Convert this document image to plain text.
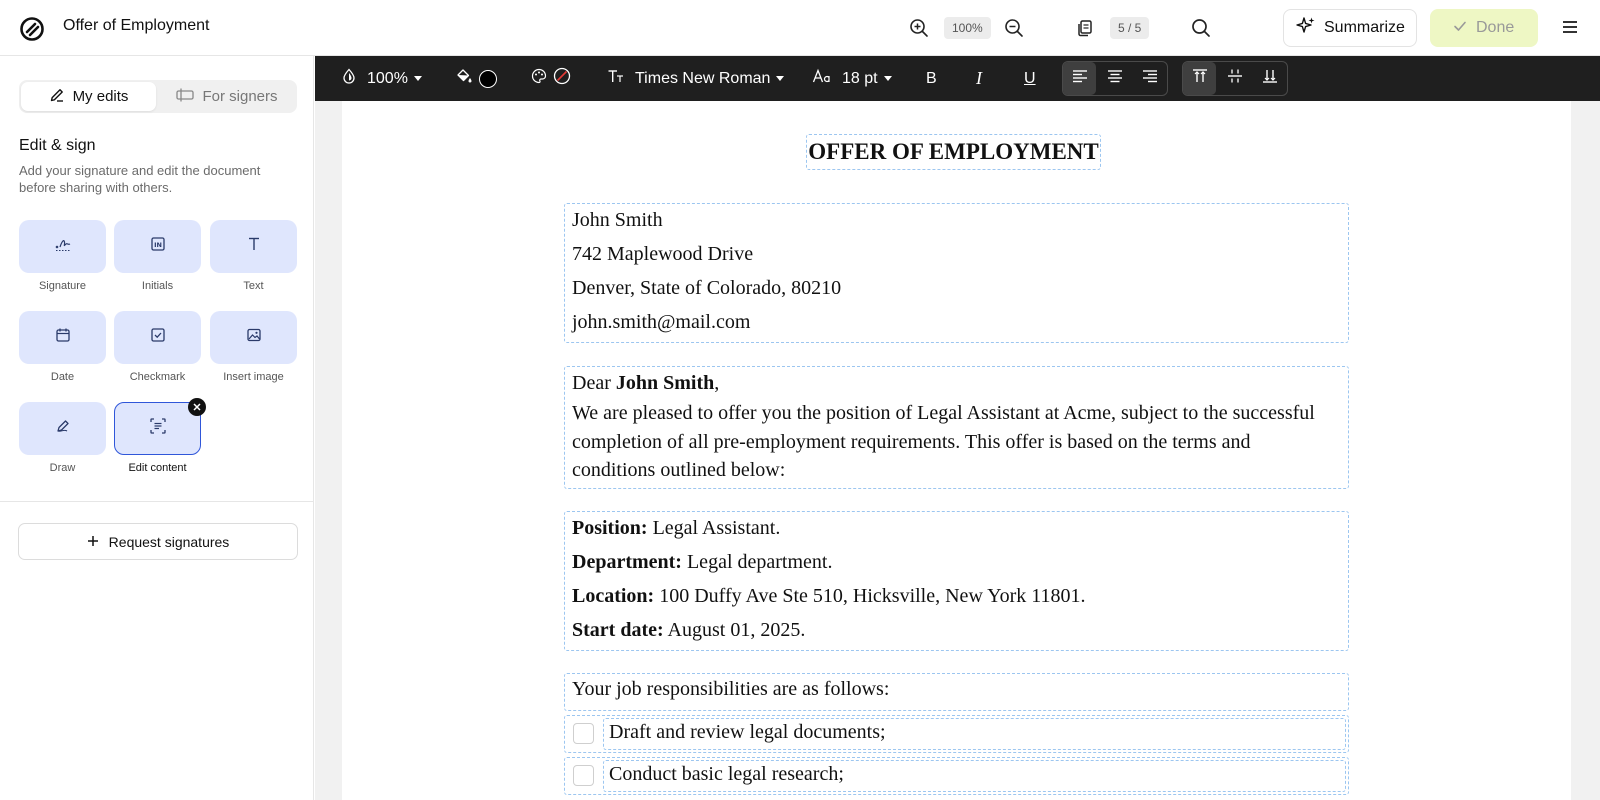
Offer of Employment	100%	5 / 5	Summarize	Done
My edits	For signers
Edit & sign
Add your signature and edit the document before sharing with others.
Signature
IN
Initials	Text
Date	Checkmark	Insert image
Draw	Edit content
Request signatures
100%	Times New Roman	18 pt	B I	U
OFFER OF EMPLOYMENT
John Smith
742 Maplewood Drive
Denver, State of Colorado, 80210
john.smith@mail.com
Dear John Smith,
We are pleased to offer you the position of Legal Assistant at Acme, subject to the successful completion of all pre-employment requirements. This offer is based on the terms and conditions outlined below:
Position: Legal Assistant.
Department: Legal department.
Location: 100 Duffy Ave Ste 510, Hicksville, New York 11801.
Start date: August 01, 2025.
Your job responsibilities are as follows:
Draft and review legal documents;
Conduct basic legal research;
